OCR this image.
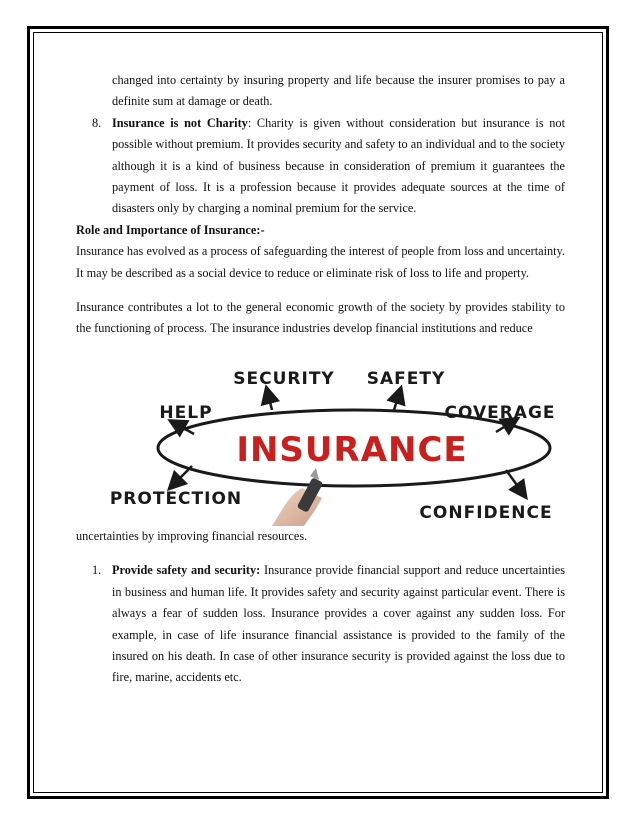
changed into certainty by insuring property and life because the insurer promises to pay a definite sum at damage or death.

8. Insurance is not Charity: Charity is given without consideration but insurance is not possible without premium. It provides security and safety to an individual and to the society although it is a kind of business because in consideration of premium it guarantees the payment of loss. It is a profession because it provides adequate sources at the time of disasters only by charging a nominal premium for the service.

Role and Importance of Insurance:-

Insurance has evolved as a process of safeguarding the interest of people from loss and uncertainty. It may be described as a social device to reduce or eliminate risk of loss to life and property.

Insurance contributes a lot to the general economic growth of the society by provides stability to the functioning of process. The insurance industries develop financial institutions and reduce

SECURITY SAFETY
HELP	COVERAGE
PROTECTION
CONFIDENCE
INSURANCE

uncertainties by improving financial resources.

1. Provide safety and security: Insurance provide financial support and reduce uncertainties in business and human life. It provides safety and security against particular event. There is always a fear of sudden loss. Insurance provides a cover against any sudden loss. For example, in case of life insurance financial assistance is provided to the family of the insured on his death. In case of other insurance security is provided against the loss due to fire, marine, accidents etc.
